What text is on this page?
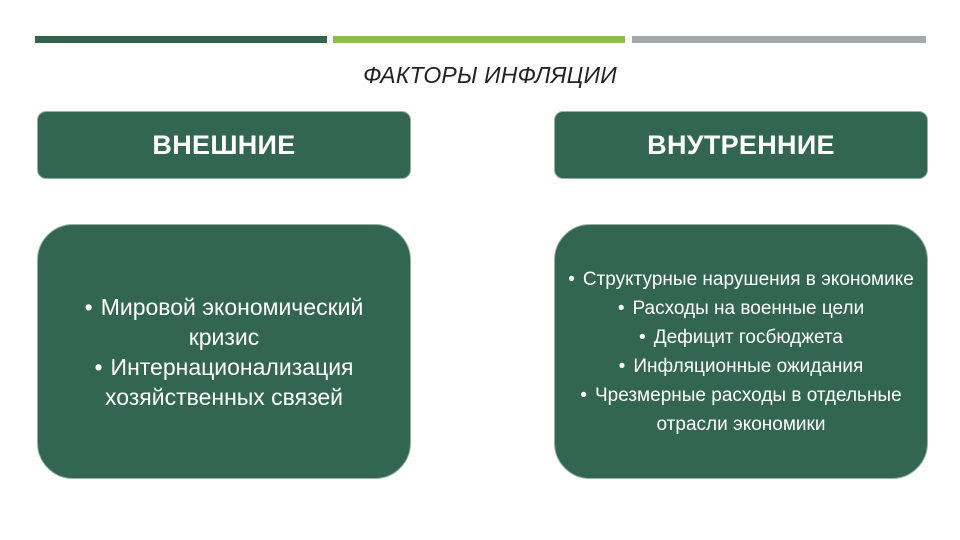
ФАКТОРЫ ИНФЛЯЦИИ
ВНЕШНИЕ	ВНУТРЕННИЕ
• Мировой экономический кризис
• Интернационализация хозяйственных связей
• Структурные нарушения в экономике
• Расходы на военные цели
• Дефицит госбюджета
• Инфляционные ожидания
• Чрезмерные расходы в отдельные отрасли экономики
